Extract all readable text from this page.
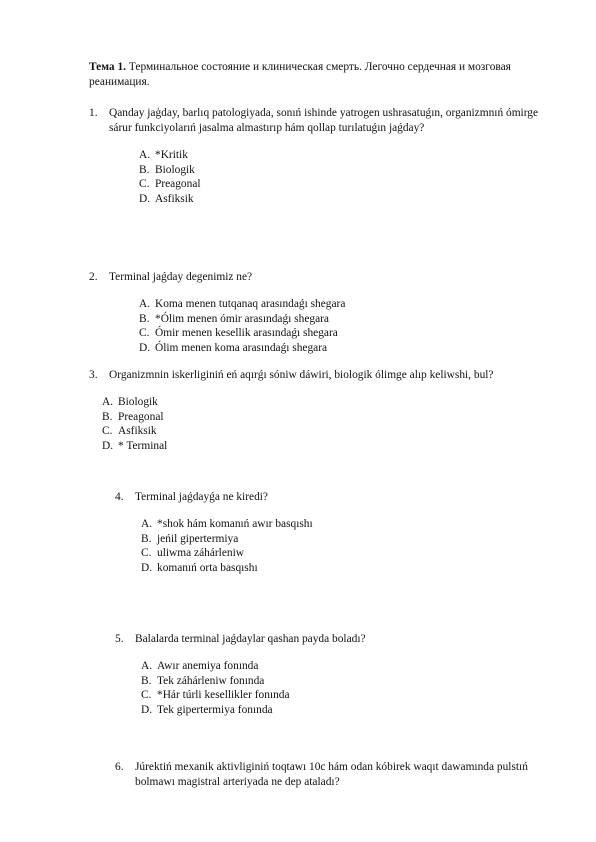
Тема 1. Терминальное состояние и клиническая смерть. Легочно сердечная и мозговая реанимация.
1.	Qanday jaģday, barlıq patologiyada, sonıń ishinde yatrogen ushrasatuǵın, organizmnıń ómirge sárur funkciyolarıń jasalma almastırıp hám qollap turılatuǵın jaǵday?
A. *Kritik
B. Biologik
C. Preagonal
D. Asfiksik
2.	Terminal jaǵday degenimiz ne?
A. Koma menen tutqanaq arasındaǵı shegara
B. *Ólim menen ómir arasındaǵı shegara
C. Ómir menen kesellik arasındaǵı shegara
D. Ólim menen koma arasındaǵı shegara
3.	Organizmnin iskerliginiń eń aqırǵı sóniw dáwiri, biologik ólimge alıp keliwshi, bul?
A. Biologik
B. Preagonal
C. Asfiksik
D. * Terminal
4.	Terminal jaǵdayǵa ne kiredi?
A. *shok hám komanıń awır basqıshı
B. jeńil gipertermiya
C. uliwma záhárleniw
D. komanıń orta basqıshı
5.	Balalarda terminal jaǵdaylar qashan payda boladı?
A. Awır anemiya fonında
B. Tek záhárleniw fonında
C. *Hár túrli kesellikler fonında
D. Tek gipertermiya fonında
6.	Júrektiń mexanik aktivliginiń toqtawı 10c hám odan kóbirek waqıt dawamında pulstıń bolmawı magistral arteriyada ne dep ataladı?
